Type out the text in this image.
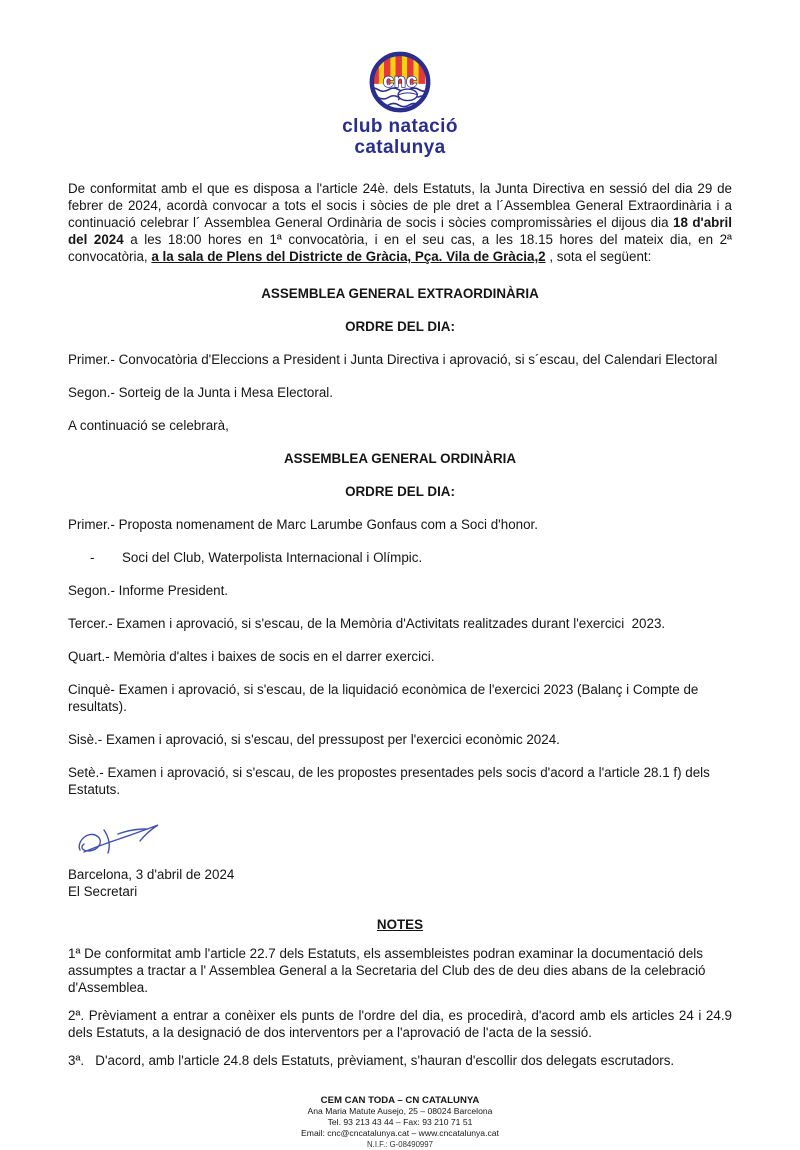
cnc
club natació
catalunya

De conformitat amb el que es disposa a l'article 24è. dels Estatuts, la Junta Directiva en sessió del dia 29 de febrer de 2024, acordà convocar a tots el socis i sòcies de ple dret a l´Assemblea General Extraordinària i a continuació celebrar l´ Assemblea General Ordinària de socis i sòcies compromissàries el dijous dia 18 d'abril del 2024 a les 18:00 hores en 1ª convocatòria, i en el seu cas, a les 18.15 hores del mateix dia, en 2ª convocatòria, a la sala de Plens del Districte de Gràcia, Pça. Vila de Gràcia,2 , sota el següent:

ASSEMBLEA GENERAL EXTRAORDINÀRIA

ORDRE DEL DIA:

Primer.- Convocatòria d'Eleccions a President i Junta Directiva i aprovació, si s´escau, del Calendari Electoral

Segon.- Sorteig de la Junta i Mesa Electoral.

A continuació se celebrarà,

ASSEMBLEA GENERAL ORDINÀRIA

ORDRE DEL DIA:

Primer.- Proposta nomenament de Marc Larumbe Gonfaus com a Soci d'honor.

-	Soci del Club, Waterpolista Internacional i Olímpic.

Segon.- Informe President.

Tercer.- Examen i aprovació, si s'escau, de la Memòria d'Activitats realitzades durant l'exercici  2023.

Quart.- Memòria d'altes i baixes de socis en el darrer exercici.

Cinquè- Examen i aprovació, si s'escau, de la liquidació econòmica de l'exercici 2023 (Balanç i Compte de resultats).

Sisè.- Examen i aprovació, si s'escau, del pressupost per l'exercici econòmic 2024.

Setè.- Examen i aprovació, si s'escau, de les propostes presentades pels socis d'acord a l'article 28.1 f) dels Estatuts.

Barcelona, 3 d'abril de 2024

El Secretari

NOTES

1ª De conformitat amb l'article 22.7 dels Estatuts, els assembleistes podran examinar la documentació dels assumptes a tractar a l' Assemblea General a la Secretaria del Club des de deu dies abans de la celebració d'Assemblea.

2ª. Prèviament a entrar a conèixer els punts de l'ordre del dia, es procedirà, d'acord amb els articles 24 i 24.9 dels Estatuts, a la designació de dos interventors per a l'aprovació de l'acta de la sessió.

3ª.   D'acord, amb l'article 24.8 dels Estatuts, prèviament, s'hauran d'escollir dos delegats escrutadors.

CEM CAN TODA – CN CATALUNYA
Ana Maria Matute Ausejo, 25 – 08024 Barcelona
Tel. 93 213 43 44 – Fax: 93 210 71 51
Email: cnc@cncatalunya.cat – www.cncatalunya.cat
N.I.F.: G-08490997
